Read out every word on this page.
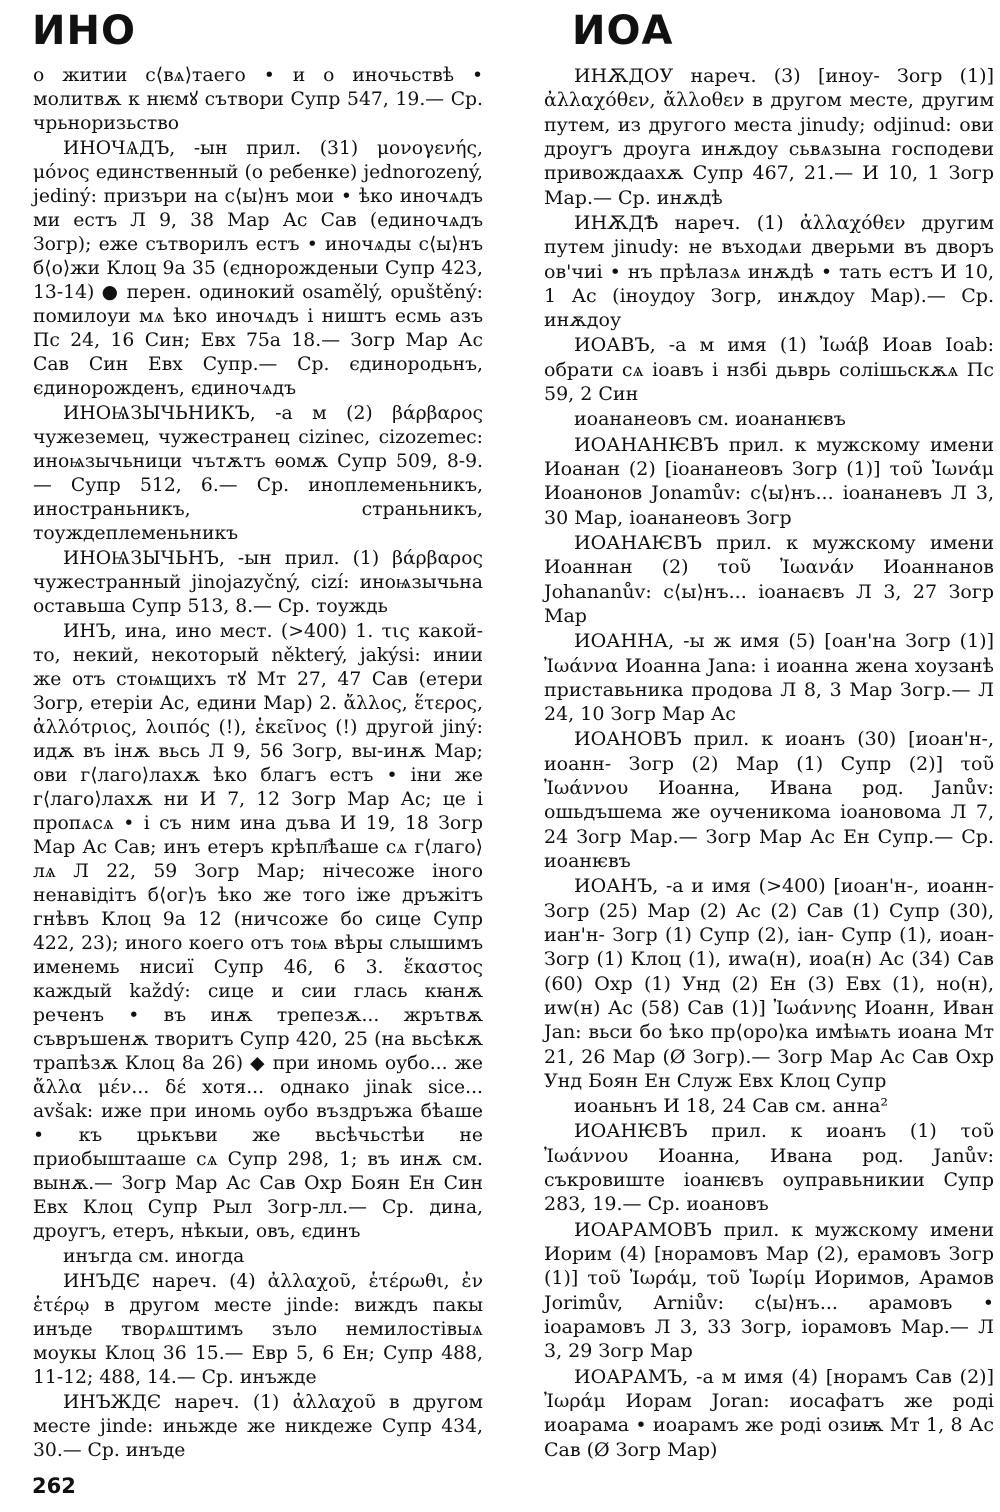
ИНО	ИОА

о житии с⟨вѧ⟩таего • и о иночьствѣ • молитвѫ к нѥмꙋ сътвори Супр 547, 19.— Ср. чрьноризьство

ИНОЧѦДЪ, -ын прил. (31) μονογενής, μόνος единственный (о ребенке) jednorozený, jediný: призъри на с⟨ы⟩нъ мои • ѣко иночѧдъ ми естъ Л 9, 38 Мар Ас Сав (единочѧдъ Зогр); еже сътворилъ естъ • иночѧды с⟨ы⟩нъ б⟨о⟩жи Клоц 9а 35 (єднорожденыи Супр 423, 13-14) ● перен. одинокий osamělý, opuštěný: помилоуи мѧ ѣко иночѧдъ і ништъ есмь азъ Пс 24, 16 Син; Евх 75а 18.— Зогр Мар Ас Сав Син Евх Супр.— Ср. єдинородьнъ, єдинорожденъ, єдиночѧдъ

ИНОѨЗЫЧЬНИКЪ, -а м (2) βάρβαρος чужеземец, чужестранец cizinec, cizozemec: инoѩзычьници чътѫтъ ѳомѫ Супр 509, 8-9.— Супр 512, 6.— Ср. иноплеменьникъ, инострaньникъ, страньникъ, тоуждеплеменьникъ

ИНОѨЗЫЧЬНЪ, -ын прил. (1) βάρβαρος чужестранный jinojazyčný, cizí: иноѩзычьна оставьша Супр 513, 8.— Ср. тоуждь

ИНЪ, ина, ино мест. (>400) 1. τις какой-то, некий, некоторый některý, jakýsi: инии же отъ стоѩщихъ тꙋ Мт 27, 47 Сав (етери Зогр, етеріи Ас, едини Мар) 2. ἄλλος, ἕτερος, ἀλλότριος, λοιπός (!), ἐκεῖνος (!) другой jiný: идѫ въ інѫ вьсь Л 9, 56 Зогр, вы-инѫ Мар; ови г⟨лаго⟩лахѫ ѣко благъ естъ • іни же г⟨лаго⟩лахѫ ни И 7, 12 Зогр Мар Ас; це і пропѧсѧ • і съ ним ина дъва И 19, 18 Зогр Мар Ас Сав; инъ етеръ крѣпл҄ѣаше сѧ г⟨лаго⟩лѧ Л 22, 59 Зогр Мар; нічесоже іного ненавідітъ б⟨ог⟩ъ ѣко же того іже дръжітъ гнѣвъ Клоц 9а 12 (ничсоже бо сице Супр 422, 23); иного коего отъ тоѩ вѣры слышимъ именемь нисиї Супр 46, 6 3. ἕκαστος каждый každý: сице и сии глась кꙗнѫ реченъ • въ инѫ трепезѫ... жрътвѫ съвръшенѫ творитъ Супр 420, 25 (на вьсѣкѫ трапѣзѫ Клоц 8а 26) ◆ при иномь оубо... же ἄλλα μέν... δέ хотя... однако jinak sice... avšak: иже при иномь оубо въздръжа бѣаше • къ црькъви же вьсѣчьстѣи не приобыштааше сѧ Супр 298, 1; въ инѫ см. вынѫ.— Зогр Мар Ас Сав Охр Боян Ен Син Евх Клоц Супр Рыл Зогр-лл.— Ср. дина, дроугъ, етеръ, нѣкыи, овъ, єдинъ

инъгда см. иногда

ИНЪДЄ нареч. (4) ἀλλαχοῦ, ἑτέρωθι, ἐν ἑτέρῳ в другом месте jinde: виждъ пакы инъде творѧштимъ зъло немилостівыѧ моукы Клоц 36 15.— Евр 5, 6 Ен; Супр 488, 11-12; 488, 14.— Ср. инъжде

ИНЪЖДЄ нареч. (1) ἀλλαχοῦ в другом месте jinde: иньжде же никдеже Супр 434, 30.— Ср. инъде

ИНѪДОУ нареч. (3) [иноу- Зогр (1)] ἀλλαχόθεν, ἄλλοθεν в другом месте, другим путем, из другого места jinudy; odjinud: ови дроугъ дроуга инѫдоу сьвѧзына господеви привождаахѫ Супр 467, 21.— И 10, 1 Зогр Мар.— Ср. инѫдѣ

ИНѪДѢ нареч. (1) ἀλλαχόθεν другим путем jinudy: не въходѧи дверьми въ дворъ ов'чиі • нъ прѣлазѧ инѫдѣ • тать естъ И 10, 1 Ас (іноудоу Зогр, инѫдоу Мар).— Ср. инѫдоу

ИОАВЪ, -а м имя (1) Ἰωάβ Иоав Ioab: обрати сѧ іоавъ і нзбі дьврь солішьскѫѧ Пс 59, 2 Син

иоананеовъ см. иоананѥвъ

ИОАНАНѤВЪ прил. к мужскому имени Иоанан (2) [іоананеовъ Зогр (1)] τοῦ Ἰωνάμ Иоанонов Jonamův: с⟨ы⟩нъ... іоананевъ Л 3, 30 Мар, іоананеовъ Зогр

ИОАНАѤВЪ прил. к мужскому имени Иоаннан (2) τοῦ Ἰωανάν Иоаннанов Johananův: с⟨ы⟩нъ... іоанаєвъ Л 3, 27 Зогр Мар

ИОАННА, -ы ж имя (5) [оан'на Зогр (1)] Ἰωάννα Иоанна Jana: і иоанна жена хоузанѣ приставьника продова Л 8, 3 Мар Зогр.— Л 24, 10 Зогр Мар Ас

ИОАНОВЪ прил. к иоанъ (30) [иоан'н-, иоанн- Зогр (2) Мар (1) Супр (2)] τοῦ Ἰωάννου Иоанна, Ивана род. Janův: ошьдъшема же оученикома іоановома Л 7, 24 Зогр Мар.— Зогр Мар Ас Ен Супр.— Ср. иоанѥвъ

ИОАНЪ, -а и имя (>400) [иоан'н-, иоанн- Зогр (25) Мар (2) Ас (2) Сав (1) Супр (30), иан'н- Зогр (1) Супр (2), іан- Супр (1), иоан- Зогр (1) Клоц (1), иwа(н), иоа(н) Ас (34) Сав (60) Охр (1) Унд (2) Ен (3) Евх (1), но(н), иw(н) Ас (58) Сав (1)] Ἰωάννης Иоанн, Иван Jan: вьси бо ѣко пр⟨оро⟩ка имѣѩть иоана Мт 21, 26 Мар (Ø Зогр).— Зогр Мар Ас Сав Охр Унд Боян Ен Служ Евх Клоц Супр

иоаньнъ И 18, 24 Сав см. анна²

ИОАНѤВЪ прил. к иоанъ (1) τοῦ Ἰωάννου Иоанна, Ивана род. Janův: съкровиште іоанѥвъ оуправьникии Супр 283, 19.— Ср. иоановъ

ИОАРАМОВЪ прил. к мужскому имени Иорим (4) [норамовъ Мар (2), ерамовъ Зогр (1)] τοῦ Ἰωράμ, τοῦ Ἰωρίμ Иоримов, Арамов Jorimův, Arniův: с⟨ы⟩нъ... арамовъ • іоарамовъ Л 3, 33 Зогр, іорамовъ Мар.— Л 3, 29 Зогр Мар

ИОАРАМЪ, -а м имя (4) [норамъ Сав (2)] Ἰωράμ Иорам Joran: иосафатъ же роді иоарама • иоарамъ же роді озиѭ Мт 1, 8 Ас Сав (Ø Зогр Мар)

262
